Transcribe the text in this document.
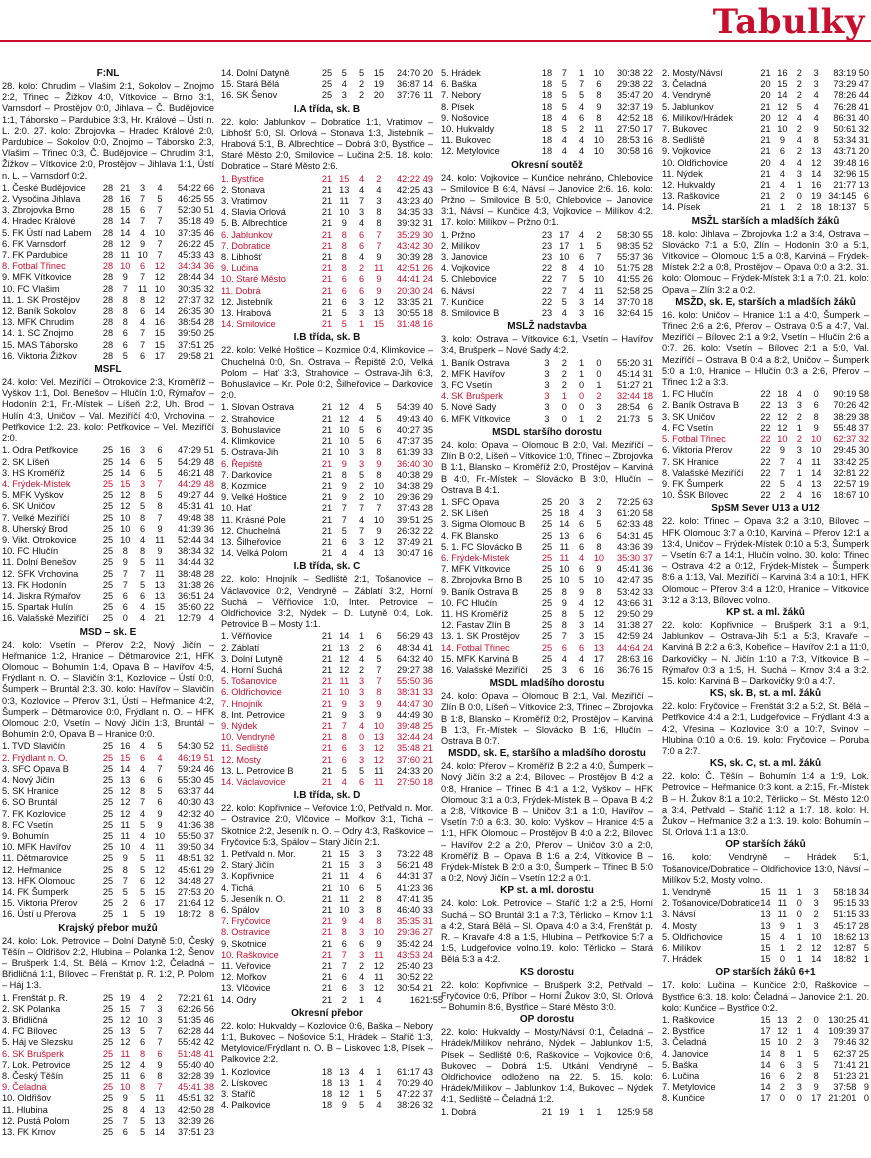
Tabulky
F:NL
28. kolo: Chrudim – Vlašim 2:1, Sokolov – Znojmo 2:2, Třinec – Žižkov 4:0, Vítkovice – Brno 3:1, Varnsdorf – Prostějov 0:0, Jihlava – Č. Budějovice 1:1, Táborsko – Pardubice 3:3, Hr. Králové – Ústí n. L. 2:0. 27. kolo: Zbrojovka – Hradec Králové 2:0, Pardubice – Sokolov 0:0, Znojmo – Táborsko 2:3, Vlašim – Třinec 0:3, Č. Budějovice – Chrudim 3:1, Žižkov – Vítkovice 2:0, Prostějov – Jihlava 1:1, Ústí n. L. – Varnsdorf 0:2.
1. České Budějovice	28	21	3	4	54:22	66
2. Vysočina Jihlava	28	16	7	5	46:25	55
3. Zbrojovka Brno	28	15	6	7	52:30	51
4. Hradec Králové	28	14	7	7	35:18	49
5. FK Ústí nad Labem	28	14	4	10	37:35	46
6. FK Varnsdorf	28	12	9	7	26:22	45
7. FK Pardubice	28	11	10	7	45:33	43
8. Fotbal Třinec	28	10	6	12	34:34	36
9. MFK Vítkovice	28	9	7	12	28:44	34
10. FC Vlašim	28	7	11	10	30:35	32
11. 1. SK Prostějov	28	8	8	12	27:37	32
12. Baník Sokolov	28	8	6	14	26:35	30
13. MFK Chrudim	28	8	4	16	38:54	28
14. 1. SC Znojmo	28	6	7	15	39:50	25
15. MAS Táborsko	28	6	7	15	37:51	25
16. Viktoria Žižkov	28	5	6	17	29:58	21
MSFL
24. kolo: Vel. Meziříčí – Otrokovice 2:3, Kroměříž – Vyškov 1:1, Dol. Benešov – Hlučín 1:0, Rýmařov – Hodonín 2:1, Fr.-Místek – Líšeň 2:2, Uh. Brod – Hulín 4:3, Uničov – Val. Meziříčí 4:0, Vrchovina – Petřkovice 1:2. 23. kolo: Petřkovice – Vel. Meziříčí 2:0.
1. Odra Petřkovice	25	16	3	6	47:29	51
2. SK Líšeň	25	14	6	5	54:29	48
3. HS Kroměříž	25	14	6	5	46:21	48
4. Frýdek-Místek	25	15	3	7	44:29	48
5. MFK Vyškov	25	12	8	5	49:27	44
6. SK Uničov	25	12	5	8	45:31	41
7. Velké Meziříčí	25	10	8	7	49:48	38
8. Uherský Brod	25	10	6	9	41:39	36
9. Vikt. Otrokovice	25	10	4	11	52:44	34
10. FC Hlučín	25	8	8	9	38:34	32
11. Dolní Benešov	25	9	5	11	34:44	32
12. SFK Vrchovina	25	7	7	11	38:48	28
13. FK Hodonín	25	7	5	13	31:38	26
14. Jiskra Rýmařov	25	6	6	13	36:51	24
15. Spartak Hulín	25	6	4	15	35:60	22
16. Valašské Meziříčí	25	0	4	21	12:79	4
MSD – sk. E
24. kolo: Vsetín – Přerov 2:2, Nový Jičín – Heřmanice 1:2, Hranice – Dětmarovice 2:1, HFK Olomouc – Bohumín 1:4, Opava B – Havířov 4:5, Frýdlant n. O. – Slavičín 3:1, Kozlovice – Ústí 0:0, Šumperk – Bruntál 2:3. 30. kolo: Havířov – Slavičín 0:3, Kozlovice – Přerov 3:1, Ústí – Heřmanice 4:2, Šumperk – Dětmarovice 0:0, Frýdlant n. O. – HFK Olomouc 2:0, Vsetín – Nový Jičín 1:3, Bruntál – Bohumín 2:0, Opava B – Hranice 0:0.
1. TVD Slavičín	25	16	4	5	54:30	52
2. Frýdlant n. O.	25	15	6	4	46:19	51
3. SFC Opava B	25	14	4	7	59:24	46
4. Nový Jičín	25	13	6	6	55:30	45
5. SK Hranice	25	12	8	5	63:37	44
6. SO Bruntál	25	12	7	6	40:30	43
7. FK Kozlovice	25	12	4	9	42:32	40
8. FC Vsetín	25	11	5	9	41:36	38
9. Bohumín	25	11	4	10	55:50	37
10. MFK Havířov	25	10	4	11	39:50	34
11. Dětmarovice	25	9	5	11	48:51	32
12. Heřmanice	25	8	5	12	45:61	29
13. HFK Olomouc	25	7	6	12	34:48	27
14. FK Šumperk	25	5	5	15	27:53	20
15. Viktoria Přerov	25	2	6	17	21:64	12
16. Ústí u Přerova	25	1	5	19	18:72	8
Krajský přebor mužů
24. kolo: Lok. Petrovice – Dolní Datyně 5:0, Český Těšín – Oldřišov 2:2, Hlubina – Polanka 1:2, Šenov – Brušperk 1:4, St. Bělá – Krnov 1:2, Čeladná – Břidličná 1:1, Bílovec – Frenštát p. R. 1:2, P. Polom – Háj 1:3.
1. Frenštát p. R.	25	19	4	2	72:21	61
2. SK Polanka	25	15	7	3	62:26	56
3. Břidličná	25	12	10	3	51:35	46
4. FC Bílovec	25	13	5	7	62:28	44
5. Háj ve Slezsku	25	12	6	7	55:42	42
6. SK Brušperk	25	11	8	6	51:48	41
7. Lok. Petrovice	25	12	4	9	55:40	40
8. Český Těšín	25	11	6	8	32:28	39
9. Čeladná	25	10	8	7	45:41	38
10. Oldřišov	25	9	5	11	45:51	32
11. Hlubina	25	8	4	13	42:50	28
12. Pustá Polom	25	7	5	13	32:39	26
13. FK Krnov	25	6	5	14	37:51	23
14. Dolní Datyně	25	5	5	15	24:70	20
15. Stará Bělá	25	4	2	19	36:87	14
16. SK Šenov	25	3	2	20	37:76	11
I.A třída, sk. B
22. kolo: Jablunkov – Dobratice 1:1, Vratimov – Libhošť 5:0, Sl. Orlová – Stonava 1:3, Jistebník – Hrabová 5:1, B. Albrechtice – Dobrá 3:0, Bystřice – Staré Město 2:0, Smilovice – Lučina 2:5. 18. kolo: Dobratice – Staré Město 2:6.
1. Bystřice	21	15	4	2	42:22	49
2. Stonava	21	13	4	4	42:25	43
3. Vratimov	21	11	7	3	43:23	40
4. Slavia Orlová	21	10	3	8	34:35	33
5. B. Albrechtice	21	9	4	8	39:32	31
6. Jablunkov	21	8	6	7	35:29	30
7. Dobratice	21	8	6	7	43:42	30
8. Libhošť	21	8	4	9	30:39	28
9. Lučina	21	8	2	11	42:51	26
10. Staré Město	21	6	6	9	44:41	24
11. Dobrá	21	6	6	9	20:30	24
12. Jistebník	21	6	3	12	33:35	21
13. Hrabová	21	5	3	13	30:55	18
14. Smilovice	21	5	1	15	31:48	16
I.B třída, sk. B
22. kolo: Velké Hoštice – Kozmice 0:4, Klimkovice – Chuchelná 0:0, Sn. Ostrava – Řepiště 2:0, Velká Polom – Hať 3:3, Strahovice – Ostrava-Jih 6:3, Bohuslavice – Kr. Pole 0:2, Šilheřovice – Darkovice 2:0.
1. Slovan Ostrava	21	12	4	5	54:39	40
2. Strahovice	21	12	4	5	49:43	40
3. Bohuslavice	21	10	5	6	40:27	35
4. Klimkovice	21	10	5	6	47:37	35
5. Ostrava-Jih	21	10	3	8	61:39	33
6. Řepiště	21	9	3	9	36:40	30
7. Darkovice	21	8	5	8	40:38	29
8. Kozmice	21	9	2	10	34:38	29
9. Velké Hoštice	21	9	2	10	29:36	29
10. Hať	21	7	7	7	37:43	28
11. Krásné Pole	21	7	4	10	39:51	25
12. Chuchelná	21	5	7	9	26:32	22
13. Šilheřovice	21	6	3	12	37:49	21
14. Velká Polom	21	4	4	13	30:47	16
I.B třída, sk. C
22. kolo: Hnojník – Sedliště 2:1, Tošanovice – Václavovice 0:2, Vendryně – Záblatí 3:2, Horní Suchá – Věřňovice 1:0, Inter. Petrovice – Oldřichovice 3:2, Nýdek – D. Lutyně 0:4, Lok. Petrovice B – Mosty 1:1.
1. Věřňovice	21	14	1	6	56:29	43
2. Záblatí	21	13	2	6	48:34	41
3. Dolní Lutyně	21	12	4	5	64:32	40
4. Horní Suchá	21	12	2	7	29:27	38
5. Tošanovice	21	11	3	7	55:50	36
6. Oldřichovice	21	10	3	8	38:31	33
7. Hnojník	21	9	3	9	44:47	30
8. Int. Petrovice	21	9	3	9	44:49	30
9. Nýdek	21	7	4	10	39:48	25
10. Vendryně	21	8	0	13	32:44	24
11. Sedliště	21	6	3	12	35:48	21
12. Mosty	21	6	3	12	37:60	21
13. L. Petrovice B	21	5	5	11	24:33	20
14. Václavovice	21	4	6	11	27:50	18
I.B třída, sk. D
22. kolo: Kopřivnice – Veřovice 1:0, Petřvald n. Mor. – Ostravice 2:0, Vlčovice – Mořkov 3:1, Tichá – Skotnice 2:2, Jeseník n. O. – Odry 4:3, Raškovice – Fryčovice 5:3, Spálov – Starý Jičín 2:1.
1. Petřvald n. Mor.	21	15	3	3	73:22	48
2. Starý Jičín	21	15	3	3	56:21	48
3. Kopřivnice	21	11	4	6	44:31	37
4. Tichá	21	10	6	5	41:23	36
5. Jeseník n. O.	21	11	2	8	47:41	35
6. Spálov	21	10	3	8	46:40	33
7. Fryčovice	21	9	4	8	35:35	31
8. Ostravice	21	8	3	10	29:36	27
9. Skotnice	21	6	6	9	35:42	24
10. Raškovice	21	7	3	11	43:53	24
11. Veřovice	21	7	2	12	25:40	23
12. Mořkov	21	6	4	11	30:52	22
13. Vlčovice	21	6	3	12	30:54	21
14. Odry	21	2	1	4	16	21:55
Okresní přebor
22. kolo: Hukvaldy – Kozlovice 0:6, Baška – Nebory 1:1, Bukovec – Nošovice 5:1, Hrádek – Staříč 1:3, Metylovice/Frýdlant n. O. B – Liskovec 1:8, Písek – Palkovice 2:2.
1. Kozlovice	18	13	4	1	61:17	43
2. Lískovec	18	13	1	4	70:29	40
3. Staříč	18	12	1	5	47:22	37
4. Palkovice	18	9	5	4	38:26	32
5. Hrádek	18	7	1	10	30:38	22
6. Baška	18	5	7	6	29:38	22
7. Nebory	18	5	5	8	35:47	20
8. Písek	18	5	4	9	32:37	19
9. Nošovice	18	4	6	8	42:52	18
10. Hukvaldy	18	5	2	11	27:50	17
11. Bukovec	18	4	4	10	28:53	16
12. Metylovice	18	4	4	10	30:58	16
Okresní soutěž
24. kolo: Vojkovice – Kunčice nehráno, Chlebovice – Smilovice B 6:4, Návsí – Janovice 2:6. 16. kolo: Pržno – Smilovice B 5:0, Chlebovice – Janovice 3:1, Návsí – Kunčice 4:3, Vojkovice – Milíkov 4:2. 17. kolo: Milíkov – Pržno 0:1.
1. Pržno	23	17	4	2	58:30	55
2. Milíkov	23	17	1	5	98:35	52
3. Janovice	23	10	6	7	55:37	36
4. Vojkovice	22	8	4	10	51:75	28
5. Chlebovice	22	7	5	10	41:55	26
6. Návsí	22	7	4	11	52:58	25
7. Kunčice	22	5	3	14	37:70	18
8. Smilovice B	23	4	3	16	32:64	15
MSLŽ nadstavba
3. kolo: Ostrava – Vítkovice 6:1, Vsetín – Havířov 3:4, Brušperk – Nové Sady 4:2.
1. Baník Ostrava	3	2	1	0	55:20	31
2. MFK Havířov	3	2	1	0	45:14	31
3. FC Vsetín	3	2	0	1	51:27	21
4. SK Brušperk	3	1	0	2	32:44	18
5. Nové Sady	3	0	0	3	28:54	6
6. MFK Vítkovice	3	0	1	2	21:73	5
MSDL staršího dorostu
24. kolo: Opava – Olomouc B 2:0, Val. Meziříčí – Zlín B 0:2, Líšeň – Vítkovice 1:0, Třinec – Zbrojovka B 1:1, Blansko – Kroměříž 2:0, Prostějov – Karviná B 4:0, Fr.-Místek – Slovácko B 3:0, Hlučín – Ostrava B 4:1.
1. SFC Opava	25	20	3	2	72:25	63
2. SK Líšeň	25	18	4	3	61:20	58
3. Sigma Olomouc B	25	14	6	5	62:33	48
4. FK Blansko	25	13	6	6	54:31	45
5. 1. FC Slovácko B	25	11	6	8	43:36	39
6. Frýdek-Místek	25	11	4	10	35:30	37
7. MFK Vítkovice	25	10	6	9	45:41	36
8. Zbrojovka Brno B	25	10	5	10	42:47	35
9. Baník Ostrava B	25	8	9	8	53:42	33
10. FC Hlučín	25	9	4	12	43:66	31
11. HS Kroměříž	25	8	5	12	29:50	29
12. Fastav Zlín B	25	8	3	14	31:38	27
13. 1. SK Prostějov	25	7	3	15	42:59	24
14. Fotbal Třinec	25	6	6	13	44:64	24
15. MFK Karviná B	25	4	4	17	28:63	16
16. Valašské Meziříčí	25	3	6	16	36:76	15
MSDL mladšího dorostu
24. kolo: Opava – Olomouc B 2:1, Val. Meziříčí – Zlín B 0:0, Líšeň – Vítkovice 2:3, Třinec – Zbrojovka B 1:8, Blansko – Kroměříž 0:2, Prostějov – Karviná B 1:3, Fr.-Místek – Slovácko B 1:6, Hlučín – Ostrava B 0:7.
MSDD, sk. E, staršího a mladšího dorostu
24. kolo: Přerov – Kroměříž B 2:2 a 4:0, Šumperk – Nový Jičín 3:2 a 2:4, Bílovec – Prostějov B 4:2 a 0:8, Hranice – Třinec B 4:1 a 1:2, Vyškov – HFK Olomouc 3:1 a 0:3, Frýdek-Místek B – Opava B 4:2 a 2:8, Vítkovice B – Uničov 3:1 a 1:0, Havířov – Vsetín 7:0 a 6:3. 30. kolo: Vyškov – Hranice 4:5 a 1:1, HFK Olomouc – Prostějov B 4:0 a 2:2, Bílovec – Havířov 2:2 a 2:0, Přerov – Uničov 3:0 a 2:0, Kroměříž B – Opava B 1:6 a 2:4, Vítkovice B – Frýdek-Místek B 2:0 a 3:0, Šumperk – Třinec B 5:0 a 0:2, Nový Jičín – Vsetín 12:2 a 0:1.
KP st. a ml. dorostu
24. kolo: Lok. Petrovice – Staříč 1:2 a 2:5, Horní Suchá – SO Bruntál 3:1 a 7:3, Těrlicko – Krnov 1:1 a 4:2, Stará Bělá – Sl. Opava 4:0 a 3:4, Frenštát p. R. – Kravaře 4:8 a 1:5, Hlubina – Petřkovice 5:7 a 1:5, Ludgeřovice volno.19. kolo: Těrlicko – Stará Bělá 5:3 a 4:2.
KS dorostu
22. kolo: Kopřivnice – Brušperk 3:2, Petřvald – Fryčovice 0:6, Příbor – Horní Žukov 3:0, Sl. Orlová – Bohumín 8:6, Bystřice – Staré Město 3:0.
OP dorostu
22. kolo: Hukvaldy – Mosty/Návsí 0:1, Čeladná – Hrádek/Milíkov nehráno, Nýdek – Jablunkov 1:5, Písek – Sedliště 0:6, Raškovice – Vojkovice 0:6, Bukovec – Dobrá 1:5. Utkání Vendryně – Oldřichovice odloženo na 22. 5. 15. kolo: Hrádek/Milíkov – Jablunkov 1:4, Bukovec – Nýdek 4:1, Sedliště – Čeladná 1:2.
1. Dobrá	21	19	1	1	125:9	58
2. Mosty/Návsí	21	16	2	3	83:19	50
3. Čeladná	20	15	2	3	73:29	47
4. Vendryně	20	14	2	4	78:26	44
5. Jablunkov	21	12	5	4	76:28	41
6. Milíkov/Hrádek	20	12	4	4	86:31	40
7. Bukovec	21	10	2	9	50:61	32
8. Sedliště	21	9	4	8	53:34	31
9. Vojkovice	21	6	2	13	43:71	20
10. Oldřichovice	20	4	4	12	39:48	16
11. Nýdek	21	4	3	14	32:96	15
12. Hukvaldy	21	4	1	16	21:77	13
13. Raškovice	21	2	0	19	34:145	6
14. Písek	21	1	2	18	18:137	5
MSŽL starších a mladších žáků
18. kolo: Jihlava – Zbrojovka 1:2 a 3:4, Ostrava – Slovácko 7:1 a 5:0, Zlín – Hodonín 3:0 a 5:1, Vítkovice – Olomouc 1:5 a 0:8, Karviná – Frýdek-Místek 2:2 a 0:8, Prostějov – Opava 0:0 a 3:2. 31. kolo: Olomouc – Frýdek-Místek 3:1 a 7:0. 21. kolo: Opava – Zlín 3:2 a 0:2.
MSŽD, sk. E, starších a mladších žáků
16. kolo: Uničov – Hranice 1:1 a 4:0, Šumperk – Třinec 2:6 a 2:6, Přerov – Ostrava 0:5 a 4:7, Val. Meziříčí – Bílovec 2:1 a 9:2, Vsetín – Hlučín 2:6 a 0:7. 26. kolo: Vsetín – Bílovec 2:1 a 5:0, Val. Meziříčí – Ostrava B 0:4 a 8:2, Uničov – Šumperk 5:0 a 1:0, Hranice – Hlučín 0:3 a 2:6, Přerov – Třinec 1:2 a 3:3.
1. FC Hlučín	22	18	4	0	90:19	58
2. Baník Ostrava B	22	13	3	6	70:26	42
3. SK Uničov	22	12	2	8	38:29	38
4. FC Vsetín	22	12	1	9	55:48	37
5. Fotbal Třinec	22	10	2	10	62:37	32
6. Viktoria Přerov	22	9	3	10	29:45	30
7. SK Hranice	22	7	4	11	33:42	25
8. Valašské Meziříčí	22	7	1	14	32:81	22
9. FK Šumperk	22	5	4	13	22:57	19
10. ŠSK Bílovec	22	2	4	16	18:67	10
SpSM Sever U13 a U12
22. kolo: Třinec – Opava 3:2 a 3:10, Bílovec – HFK Olomouc 3:7 a 0:10, Karviná – Přerov 12:1 a 13:4, Uničov – Frýdek-Místek 0:10 a 5:3, Šumperk – Vsetín 6:7 a 14:1, Hlučín volno. 30. kolo: Třinec – Ostrava 4:2 a 0:12, Frýdek-Místek – Šumperk 8:6 a 1:13, Val. Meziříčí – Karviná 3:4 a 10:1, HFK Olomouc – Přerov 3:4 a 12:0, Hranice – Vítkovice 3:12 a 3:13, Bílovec volno.
KP st. a ml. žáků
22. kolo: Kopřivnice – Brušperk 3:1 a 9:1, Jablunkov – Ostrava-Jih 5:1 a 5:3, Kravaře – Karviná B 2:2 a 6:3, Kobeřice – Havířov 2:1 a 11:0, Darkovičky – N. Jičín 1:10 a 7:3, Vítkovice B – Rýmařov 0:3 a 1:5, H. Suchá – Krnov 3:4 a 3:2. 15. kolo: Karviná B – Darkovičky 9:0 a 4:7.
KS, sk. B, st. a ml. žáků
22. kolo: Fryčovice – Frenštát 3:2 a 5:2, St. Bělá – Petřkovice 4:4 a 2:1, Ludgeřovice – Frýdlant 4:3 a 4:2, Vřesina – Kozlovice 3:0 a 10:7, Svinov – Hlubina 0:10 a 0:6. 19. kolo: Fryčovice – Poruba 7:0 a 2:7.
KS, sk. C, st. a ml. žáků
22. kolo: Č. Těšín – Bohumín 1:4 a 1:9, Lok. Petrovice – Heřmanice 0:3 kont. a 2:15, Fr.-Místek B – H. Žukov 8:1 a 10:2, Těrlicko – St. Město 12:0 a 3:4, Petřvald – Staříč 1:12 a 1:7. 18. kolo: H. Žukov – Heřmanice 3:2 a 1:3. 19. kolo: Bohumín – Sl. Orlová 1:1 a 13:0.
OP starších žáků
16. kolo: Vendryně – Hrádek 5:1, Tošanovice/Dobratice – Oldřichovice 13:0, Návsí – Milíkov 5:2, Mosty volno.
1. Vendryně	15	11	1	3	58:18	34
2. Tošanovice/Dobratice	14	11	0	3	95:15	33
3. Návsí	13	11	0	2	51:15	33
4. Mosty	13	9	1	3	45:17	28
5. Oldřichovice	15	4	1	10	18:62	13
6. Milíkov	15	1	2	12	12:87	5
7. Hrádek	15	0	1	14	18:82	1
OP starších žáků 6+1
17. kolo: Lučina – Kunčice 2:0, Raškovice – Bystřice 6:3. 18. kolo: Čeladná – Janovice 2:1. 20. kolo: Kunčice – Bystřice 0:2.
1. Raškovice	15	13	2	0	130:25	41
2. Bystřice	17	12	1	4	109:39	37
3. Čeladná	15	10	2	3	79:46	32
4. Janovice	14	8	1	5	62:37	25
5. Baška	14	6	3	5	71:41	21
6. Lučina	16	6	2	8	51:23	21
7. Metylovice	14	2	3	9	37:58	9
8. Kunčice	17	0	0	17	21:201	0
